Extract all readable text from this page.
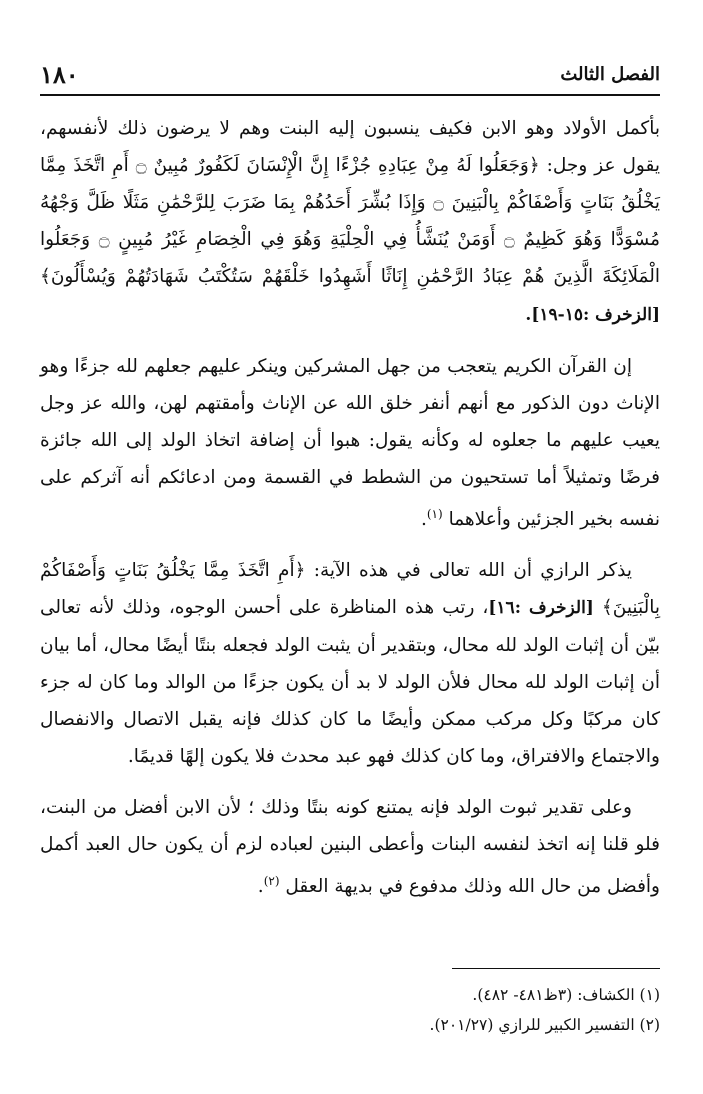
الفصل الثالث
١٨٠

بأكمل الأولاد وهو الابن فكيف ينسبون إليه البنت وهم لا يرضون ذلك لأنفسهم، يقول عز وجل: ﴿وَجَعَلُوا لَهُ مِنْ عِبَادِهِ جُزْءًا إِنَّ الْإِنْسَانَ لَكَفُورٌ مُبِينٌ ۝ أَمِ اتَّخَذَ مِمَّا يَخْلُقُ بَنَاتٍ وَأَصْفَاكُمْ بِالْبَنِينَ ۝ وَإِذَا بُشِّرَ أَحَدُهُمْ بِمَا ضَرَبَ لِلرَّحْمَٰنِ مَثَلًا ظَلَّ وَجْهُهُ مُسْوَدًّا وَهُوَ كَظِيمٌ ۝ أَوَمَنْ يُنَشَّأُ فِي الْحِلْيَةِ وَهُوَ فِي الْخِصَامِ غَيْرُ مُبِينٍ ۝ وَجَعَلُوا الْمَلَائِكَةَ الَّذِينَ هُمْ عِبَادُ الرَّحْمَٰنِ إِنَاثًا أَشَهِدُوا خَلْقَهُمْ سَتُكْتَبُ شَهَادَتُهُمْ وَيُسْأَلُونَ﴾ [الزخرف :١٥-١٩].

إن القرآن الكريم يتعجب من جهل المشركين وينكر عليهم جعلهم لله جزءًا وهو الإناث دون الذكور مع أنهم أنفر خلق الله عن الإناث وأمقتهم لهن، والله عز وجل يعيب عليهم ما جعلوه له وكأنه يقول: هبوا أن إضافة اتخاذ الولد إلى الله جائزة فرضًا وتمثيلاً أما تستحيون من الشطط في القسمة ومن ادعائكم أنه آثركم على نفسه بخير الجزئين وأعلاهما $^{(١)}$.

يذكر الرازي أن الله تعالى في هذه الآية: ﴿أَمِ اتَّخَذَ مِمَّا يَخْلُقُ بَنَاتٍ وَأَصْفَاكُمْ بِالْبَنِينَ﴾ [الزخرف :١٦]، رتب هذه المناظرة على أحسن الوجوه، وذلك لأنه تعالى بيّن أن إثبات الولد لله محال، وبتقدير أن يثبت الولد فجعله بنتًا أيضًا محال، أما بيان أن إثبات الولد لله محال فلأن الولد لا بد أن يكون جزءًا من الوالد وما كان له جزء كان مركبًا وكل مركب ممكن وأيضًا ما كان كذلك فإنه يقبل الاتصال والانفصال والاجتماع والافتراق، وما كان كذلك فهو عبد محدث فلا يكون إلهًا قديمًا.

وعلى تقدير ثبوت الولد فإنه يمتنع كونه بنتًا وذلك ؛ لأن الابن أفضل من البنت، فلو قلنا إنه اتخذ لنفسه البنات وأعطى البنين لعباده لزم أن يكون حال العبد أكمل وأفضل من حال الله وذلك مدفوع في بديهة العقل $^{(٢)}$.

(١) الكشاف: (٣ظ٤٨١- ٤٨٢).
(٢) التفسير الكبير للرازي (٢٠١/٢٧).
